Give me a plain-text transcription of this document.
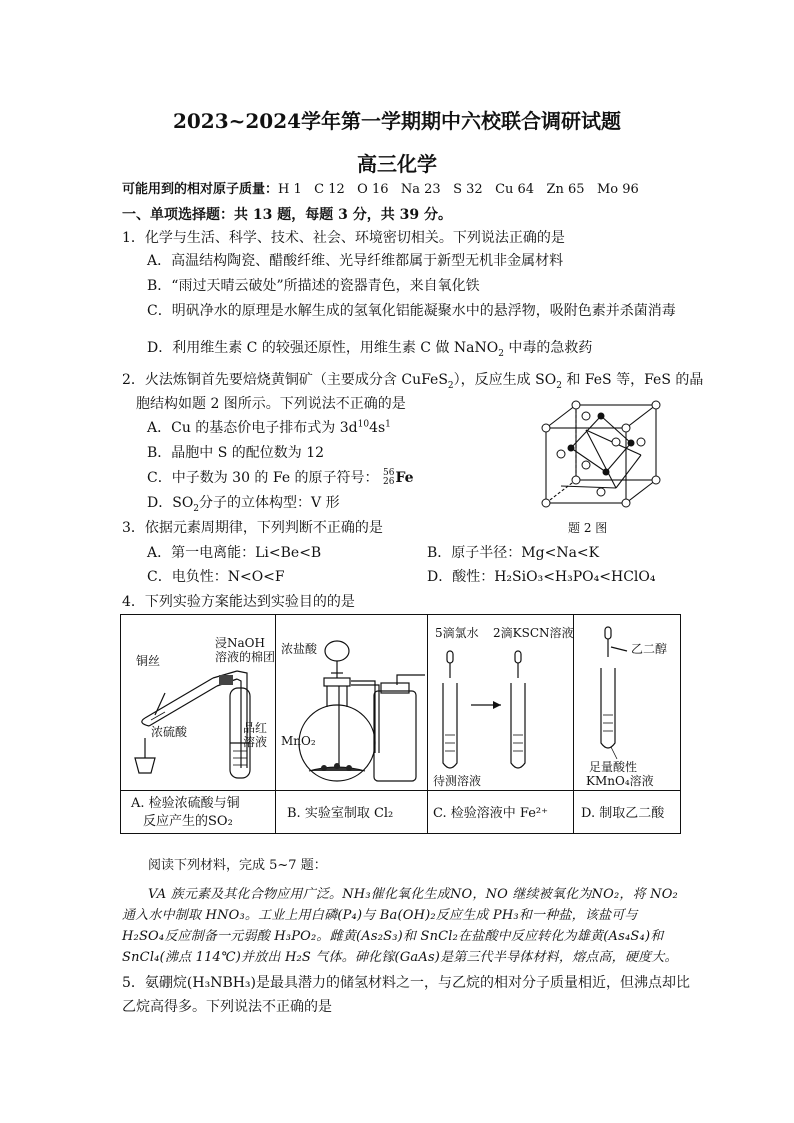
2023~2024学年第一学期期中六校联合调研试题
高三化学
可能用到的相对原子质量：H 1   C 12   O 16   Na 23   S 32   Cu 64   Zn 65   Mo 96
一、单项选择题：共 13 题，每题 3 分，共 39 分。
1．化学与生活、科学、技术、社会、环境密切相关。下列说法正确的是
A．高温结构陶瓷、醋酸纤维、光导纤维都属于新型无机非金属材料
B．“雨过天晴云破处”所描述的瓷器青色，来自氧化铁
C．明矾净水的原理是水解生成的氢氧化铝能凝聚水中的悬浮物，吸附色素并杀菌消毒
D．利用维生素 C 的较强还原性，用维生素 C 做 NaNO$_2$ 中毒的急救药
2．火法炼铜首先要焙烧黄铜矿（主要成分含 CuFeS$_2$），反应生成 $SO_2$ 和 FeS 等，FeS 的晶
胞结构如题 2 图所示。下列说法不正确的是
A．Cu 的基态价电子排布式为 $3d^{10}4s^1$
B．晶胞中 S 的配位数为 12
C．中子数为 30 的 Fe 的原子符号： 56
26Fe
D．$SO_2$分子的立体构型：V 形
题 2 图
3．依据元素周期律，下列判断不正确的是
A．第一电离能：Li<Be<B	B．原子半径：Mg<Na<K
C．电负性：N<O<F	D．酸性：H₂SiO₃<H₃PO₄<HClO₄
4．下列实验方案能达到实验目的的是
铜丝
浸NaOH
溶液的棉团
浓硫酸	品红
溶液
浓盐酸
MnO₂
5滴氯水 2滴KSCN溶液
待测溶液
乙二醇
足量酸性
KMnO₄溶液
A. 检验浓硫酸与铜
反应产生的SO₂
B. 实验室制取 Cl₂	C. 检验溶液中 Fe²⁺	D. 制取乙二酸
阅读下列材料，完成 5~7 题：
VA 族元素及其化合物应用广泛。NH₃催化氧化生成NO，NO 继续被氧化为NO₂，将 NO₂通入水中制取 HNO₃。工业上用白磷(P₄)与 Ba(OH)₂反应生成 PH₃和一种盐，该盐可与 H₂SO₄反应制备一元弱酸 H₃PO₂。雌黄(As₂S₃)和 SnCl₂在盐酸中反应转化为雄黄(As₄S₄)和 SnCl₄(沸点 114℃)并放出 H₂S 气体。砷化镓(GaAs)是第三代半导体材料，熔点高，硬度大。
5．氨硼烷(H₃NBH₃)是最具潜力的储氢材料之一，与乙烷的相对分子质量相近，但沸点却比
乙烷高得多。下列说法不正确的是
